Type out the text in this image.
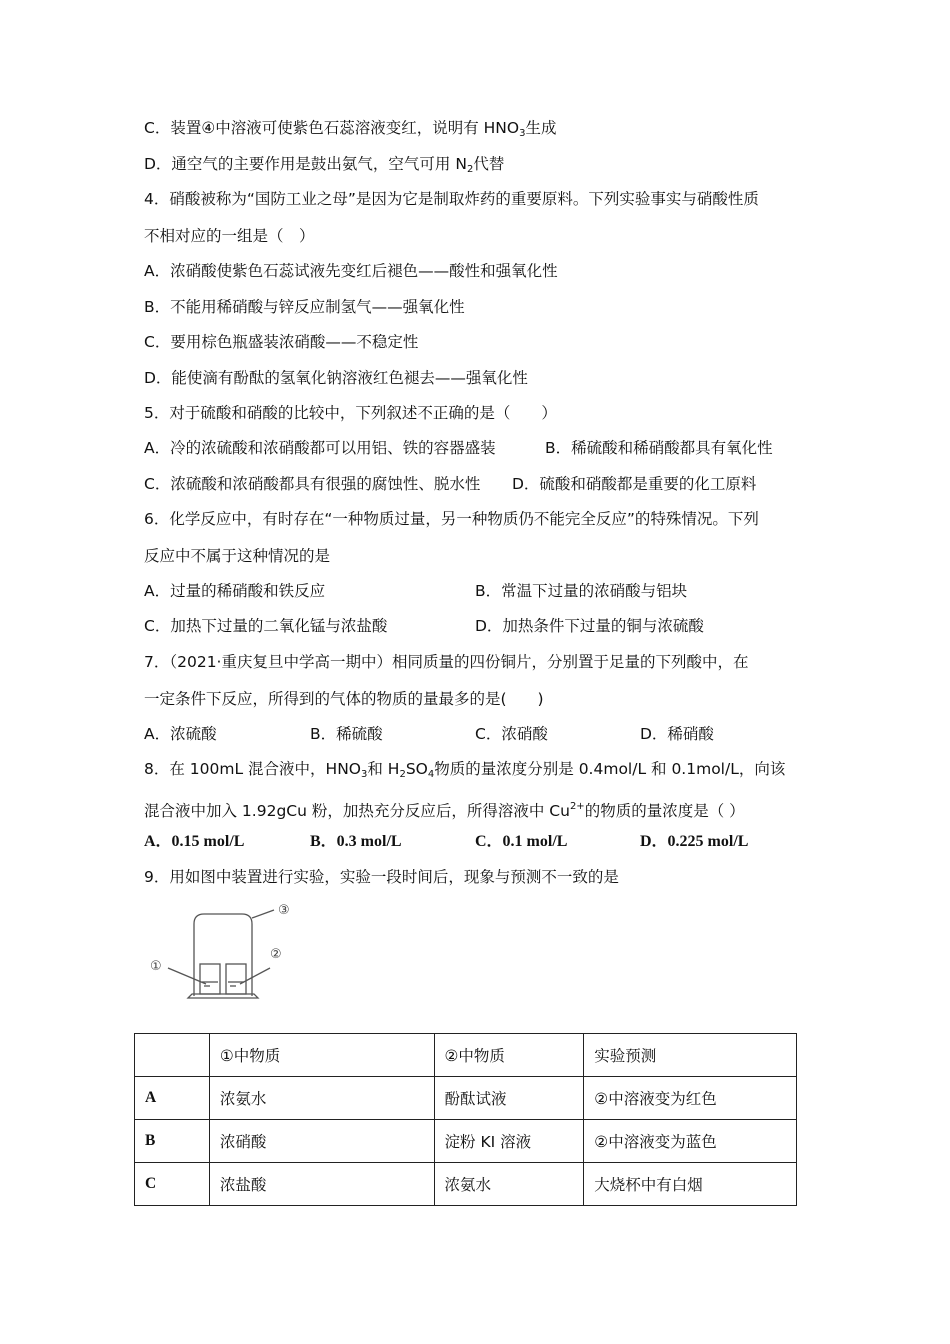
C．装置④中溶液可使紫色石蕊溶液变红，说明有 $HNO_3$生成
D．通空气的主要作用是鼓出氨气，空气可用 $N_2$代替
4．硝酸被称为“国防工业之母”是因为它是制取炸药的重要原料。下列实验事实与硝酸性质
不相对应的一组是（　）
A．浓硝酸使紫色石蕊试液先变红后褪色——酸性和强氧化性
B．不能用稀硝酸与锌反应制氢气——强氧化性
C．要用棕色瓶盛装浓硝酸——不稳定性
D．能使滴有酚酞的氢氧化钠溶液红色褪去——强氧化性
5．对于硫酸和硝酸的比较中，下列叙述不正确的是（　　）
A．冷的浓硫酸和浓硝酸都可以用铝、铁的容器盛装	B．稀硫酸和稀硝酸都具有氧化性
C．浓硫酸和浓硝酸都具有很强的腐蚀性、脱水性 D．硫酸和硝酸都是重要的化工原料
6．化学反应中，有时存在“一种物质过量，另一种物质仍不能完全反应”的特殊情况。下列
反应中不属于这种情况的是
A．过量的稀硝酸和铁反应	B．常温下过量的浓硝酸与铝块
C．加热下过量的二氧化锰与浓盐酸	D．加热条件下过量的铜与浓硫酸
7．（2021·重庆复旦中学高一期中）相同质量的四份铜片，分别置于足量的下列酸中，在
一定条件下反应，所得到的气体的物质的量最多的是(　　)
A．浓硫酸	B．稀硫酸	C．浓硝酸	D．稀硝酸
8．在 100mL 混合液中，$HNO_3$和 $H_2SO_4$物质的量浓度分别是 0.4mol/L 和 0.1mol/L，向该
混合液中加入 1.92gCu 粉，加热充分反应后，所得溶液中 $Cu^{2+}$的物质的量浓度是（ ）
A．0.15 mol/L	B．0.3 mol/L	C．0.1 mol/L	D．0.225 mol/L
9．用如图中装置进行实验，实验一段时间后，现象与预测不一致的是
①
②
③
	①中物质	②中物质	实验预测
A	浓氨水	酚酞试液	②中溶液变为红色
B	浓硝酸	淀粉 KI 溶液	②中溶液变为蓝色
C	浓盐酸	浓氨水	大烧杯中有白烟
